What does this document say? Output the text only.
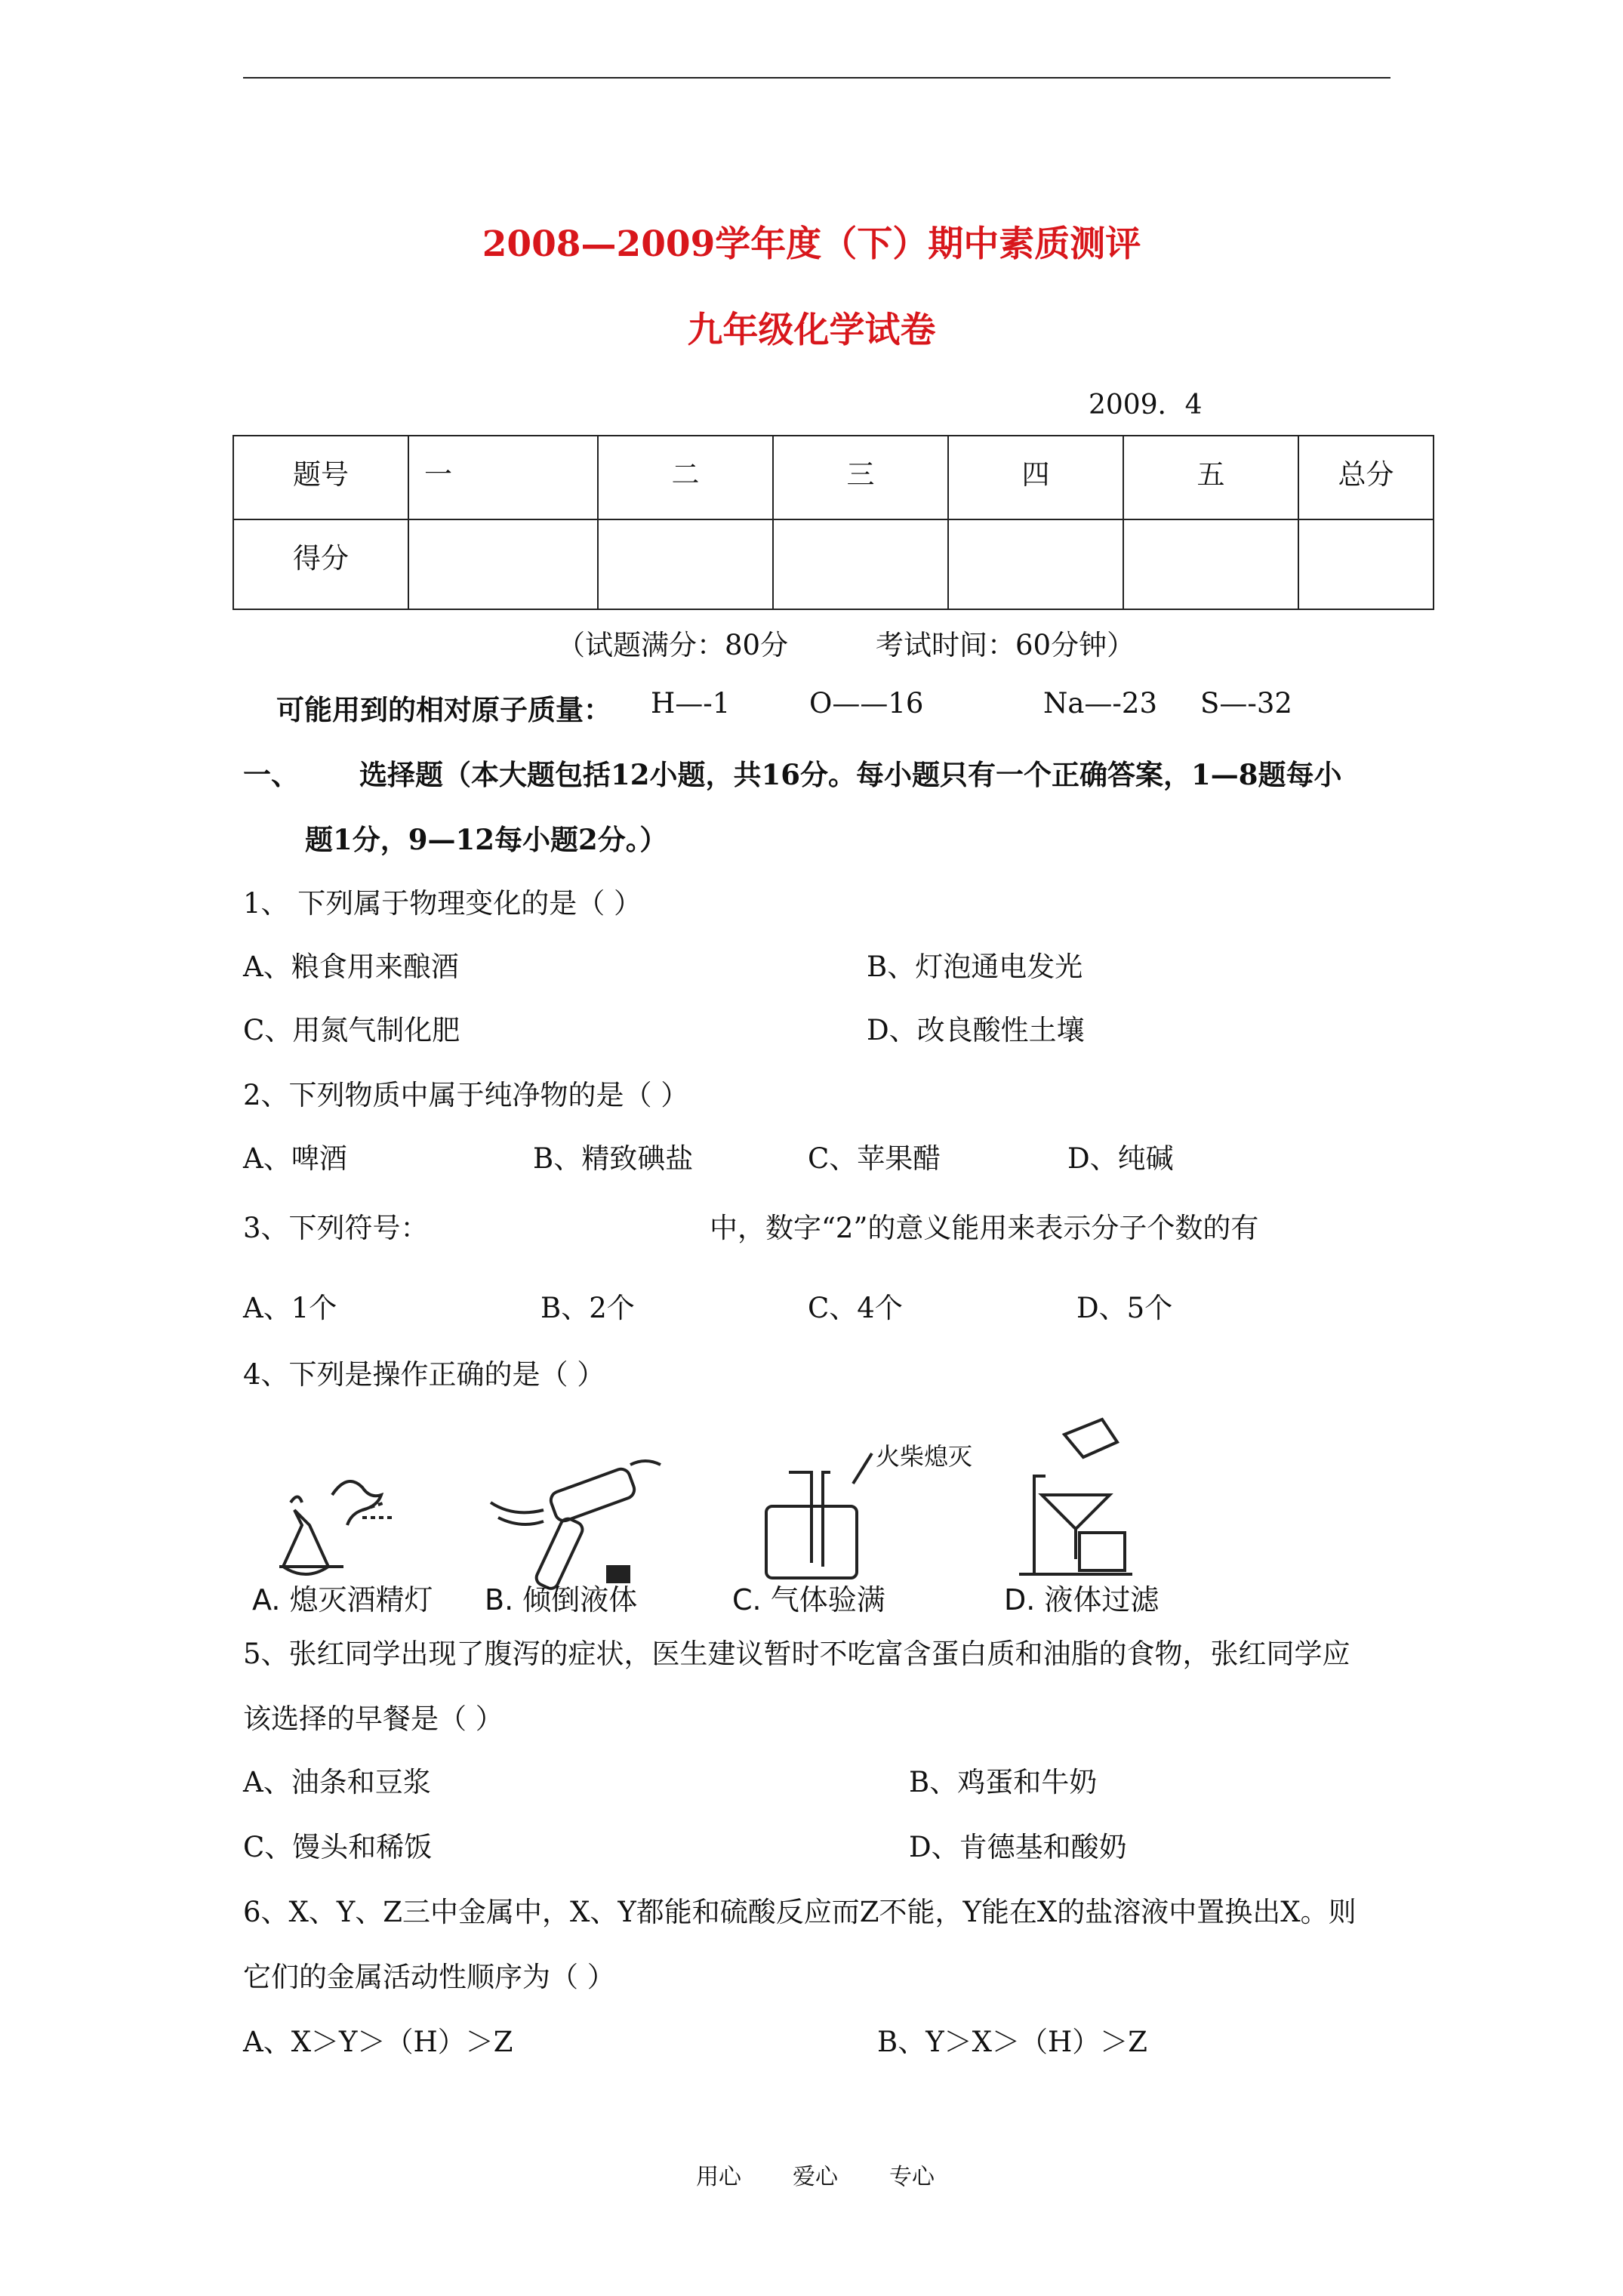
2008—2009学年度（下）期中素质测评
九年级化学试卷
2009．4
题号	一	二	三	四	五	总分
得分						
（试题满分：80分	考试时间：60分钟）
可能用到的相对原子质量： H—-1	O——16	Na—-23 S—-32
一、 选择题（本大题包括12小题，共16分。每小题只有一个正确答案，1—8题每小
题1分，9—12每小题2分。）
1、 下列属于物理变化的是（ ）
A、粮食用来酿酒	B、灯泡通电发光
C、用氮气制化肥	D、改良酸性土壤
2、下列物质中属于纯净物的是（ ）
A、啤酒	B、精致碘盐	C、苹果醋	D、纯碱
3、下列符号：	中，数字“2”的意义能用来表示分子个数的有
A、1个	B、2个	C、4个	D、5个
4、下列是操作正确的是（ ）
A. 熄灭酒精灯 B. 倾倒液体
火柴熄灭
C. 气体验满	D. 液体过滤
5、张红同学出现了腹泻的症状，医生建议暂时不吃富含蛋白质和油脂的食物，张红同学应
该选择的早餐是（ ）
A、油条和豆浆	B、鸡蛋和牛奶
C、馒头和稀饭	D、肯德基和酸奶
6、X、Y、Z三中金属中，X、Y都能和硫酸反应而Z不能，Y能在X的盐溶液中置换出X。则
它们的金属活动性顺序为（ ）
A、X＞Y＞（H）＞Z	B、Y＞X＞（H）＞Z
用心 爱心 专心
